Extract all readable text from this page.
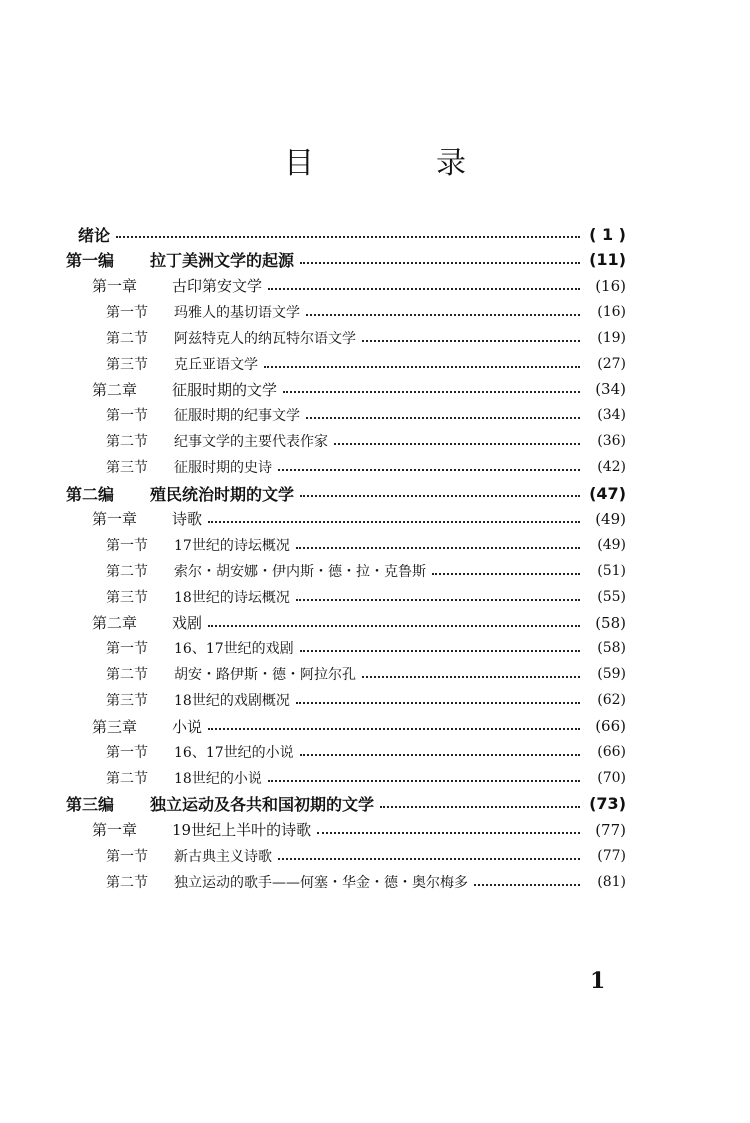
目　录
绪论	( 1 )
第一编	拉丁美洲文学的起源	(11)
第一章	古印第安文学	(16)
第一节	玛雅人的基切语文学	(16)
第二节	阿兹特克人的纳瓦特尔语文学	(19)
第三节	克丘亚语文学	(27)
第二章	征服时期的文学	(34)
第一节	征服时期的纪事文学	(34)
第二节	纪事文学的主要代表作家	(36)
第三节	征服时期的史诗	(42)
第二编	殖民统治时期的文学	(47)
第一章	诗歌	(49)
第一节	17世纪的诗坛概况	(49)
第二节	索尔・胡安娜・伊内斯・德・拉・克鲁斯	(51)
第三节	18世纪的诗坛概况	(55)
第二章	戏剧	(58)
第一节	16、17世纪的戏剧	(58)
第二节	胡安・路伊斯・德・阿拉尔孔	(59)
第三节	18世纪的戏剧概况	(62)
第三章	小说	(66)
第一节	16、17世纪的小说	(66)
第二节	18世纪的小说	(70)
第三编	独立运动及各共和国初期的文学	(73)
第一章	19世纪上半叶的诗歌	(77)
第一节	新古典主义诗歌	(77)
第二节	独立运动的歌手——何塞・华金・德・奥尔梅多	(81)
1
